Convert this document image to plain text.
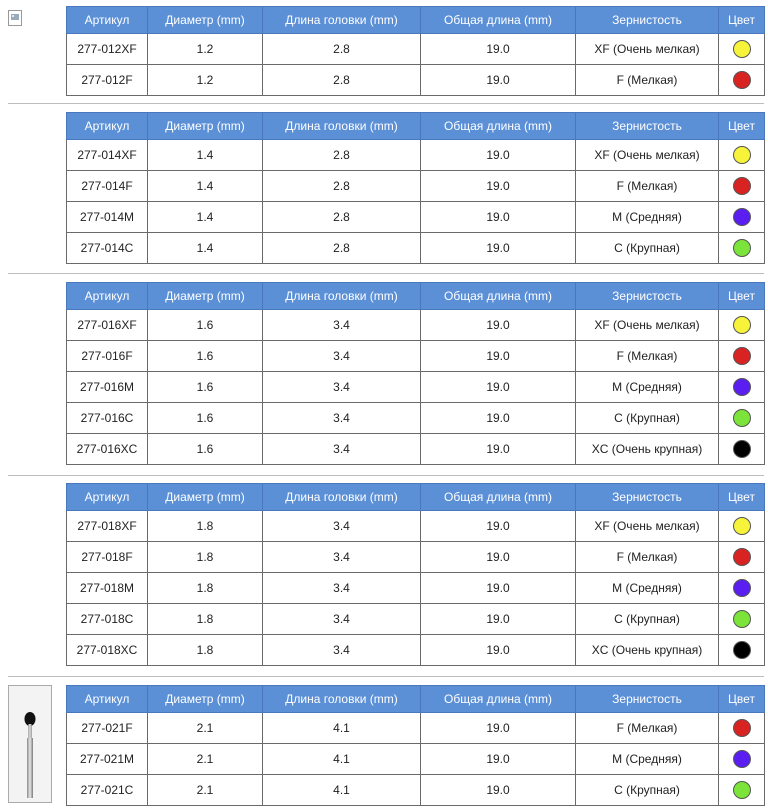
Артикул	Диаметр (mm)	Длина головки (mm)	Общая длина (mm)	Зернистость	Цвет
277-012XF	1.2	2.8	19.0	XF (Очень мелкая)	
277-012F	1.2	2.8	19.0	F (Мелкая)	
Артикул	Диаметр (mm)	Длина головки (mm)	Общая длина (mm)	Зернистость	Цвет
277-014XF	1.4	2.8	19.0	XF (Очень мелкая)	
277-014F	1.4	2.8	19.0	F (Мелкая)	
277-014M	1.4	2.8	19.0	M (Средняя)	
277-014C	1.4	2.8	19.0	C (Крупная)	
Артикул	Диаметр (mm)	Длина головки (mm)	Общая длина (mm)	Зернистость	Цвет
277-016XF	1.6	3.4	19.0	XF (Очень мелкая)	
277-016F	1.6	3.4	19.0	F (Мелкая)	
277-016M	1.6	3.4	19.0	M (Средняя)	
277-016C	1.6	3.4	19.0	C (Крупная)	
277-016XC	1.6	3.4	19.0	XC (Очень крупная)	
Артикул	Диаметр (mm)	Длина головки (mm)	Общая длина (mm)	Зернистость	Цвет
277-018XF	1.8	3.4	19.0	XF (Очень мелкая)	
277-018F	1.8	3.4	19.0	F (Мелкая)	
277-018M	1.8	3.4	19.0	M (Средняя)	
277-018C	1.8	3.4	19.0	C (Крупная)	
277-018XC	1.8	3.4	19.0	XC (Очень крупная)	
Артикул	Диаметр (mm)	Длина головки (mm)	Общая длина (mm)	Зернистость	Цвет
277-021F	2.1	4.1	19.0	F (Мелкая)	
277-021M	2.1	4.1	19.0	M (Средняя)	
277-021C	2.1	4.1	19.0	C (Крупная)	
